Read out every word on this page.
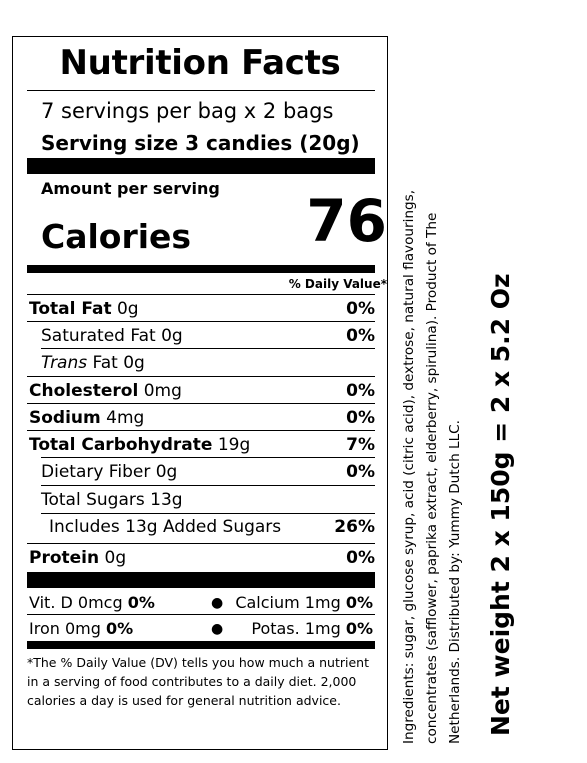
Nutrition Facts
7 servings per bag x 2 bags
Serving size 3 candies (20g)
Amount per serving
Calories	76
% Daily Value*
Total Fat 0g	0%
Saturated Fat 0g	0%
Trans Fat 0g
Cholesterol 0mg	0%
Sodium 4mg	0%
Total Carbohydrate 19g	7%
Dietary Fiber 0g	0%
Total Sugars 13g
Includes 13g Added Sugars	26%
Protein 0g	0%
Vit. D 0mcg 0%	● Calcium 1mg 0%
Iron 0mg 0%	● Potas. 1mg 0%
*The % Daily Value (DV) tells you how much a nutrient in a serving of food contributes to a daily diet. 2,000 calories a day is used for general nutrition advice.	Ingredients: sugar, glucose syrup, acid (citric acid), dextrose, natural flavourings, concentrates (safflower, paprika extract, elderberry, spirulina). Product of The Netherlands. Distributed by: Yummy Dutch LLC. Net weight 2 x 150g = 2 x 5.2 Oz
